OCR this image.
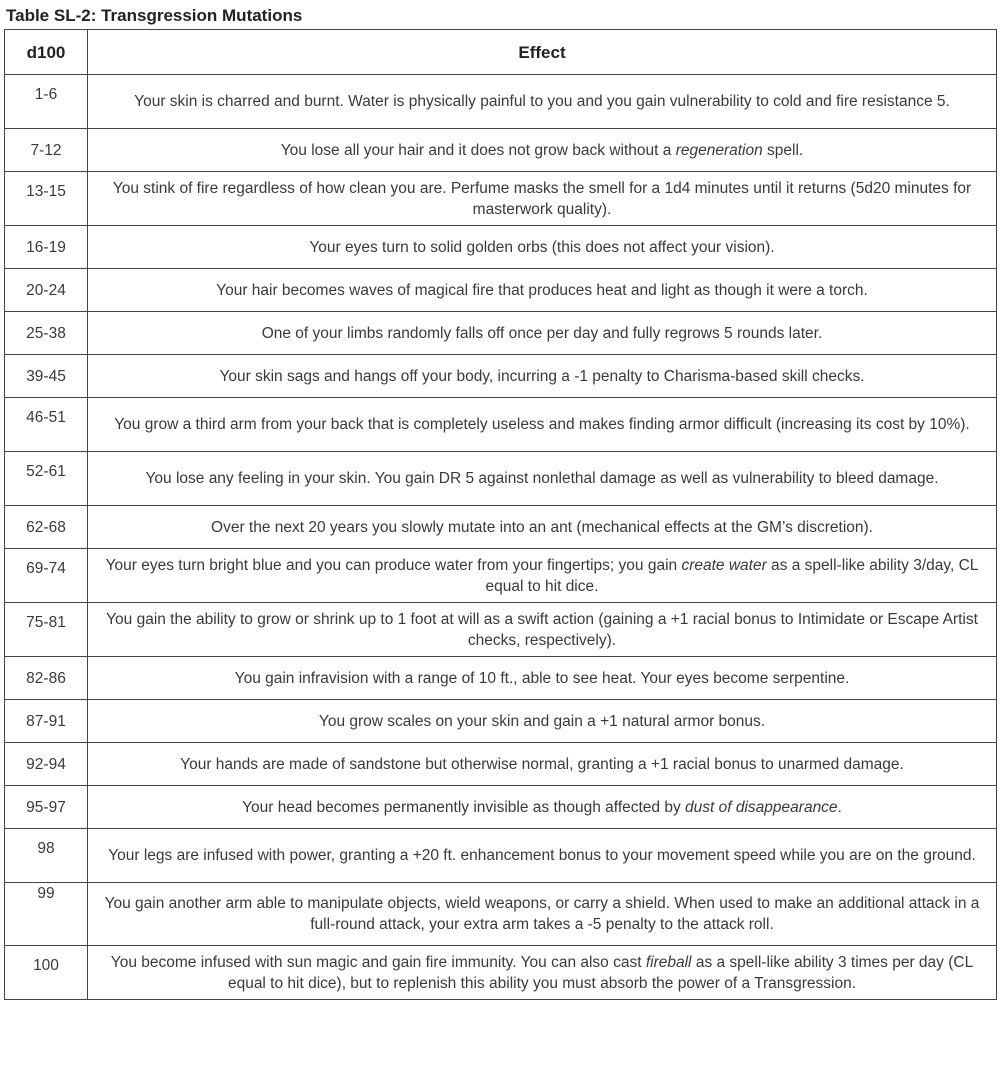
Table SL-2: Transgression Mutations
d100	Effect
1-6	Your skin is charred and burnt. Water is physically painful to you and you gain vulnerability to cold and fire resistance 5.
7-12	You lose all your hair and it does not grow back without a regeneration spell.
13-15	You stink of fire regardless of how clean you are. Perfume masks the smell for a 1d4 minutes until it returns (5d20 minutes for masterwork quality).
16-19	Your eyes turn to solid golden orbs (this does not affect your vision).
20-24	Your hair becomes waves of magical fire that produces heat and light as though it were a torch.
25-38	One of your limbs randomly falls off once per day and fully regrows 5 rounds later.
39-45	Your skin sags and hangs off your body, incurring a -1 penalty to Charisma-based skill checks.
46-51	You grow a third arm from your back that is completely useless and makes finding armor difficult (increasing its cost by 10%).
52-61	You lose any feeling in your skin. You gain DR 5 against nonlethal damage as well as vulnerability to bleed damage.
62-68	Over the next 20 years you slowly mutate into an ant (mechanical effects at the GM’s discretion).
69-74	Your eyes turn bright blue and you can produce water from your fingertips; you gain create water as a spell-like ability 3/day, CL equal to hit dice.
75-81	You gain the ability to grow or shrink up to 1 foot at will as a swift action (gaining a +1 racial bonus to Intimidate or Escape Artist checks, respectively).
82-86	You gain infravision with a range of 10 ft., able to see heat. Your eyes become serpentine.
87-91	You grow scales on your skin and gain a +1 natural armor bonus.
92-94	Your hands are made of sandstone but otherwise normal, granting a +1 racial bonus to unarmed damage.
95-97	Your head becomes permanently invisible as though affected by dust of disappearance.
98	Your legs are infused with power, granting a +20 ft. enhancement bonus to your movement speed while you are on the ground.
99	You gain another arm able to manipulate objects, wield weapons, or carry a shield. When used to make an additional attack in a full-round attack, your extra arm takes a -5 penalty to the attack roll.
100	You become infused with sun magic and gain fire immunity. You can also cast fireball as a spell-like ability 3 times per day (CL equal to hit dice), but to replenish this ability you must absorb the power of a Transgression.
